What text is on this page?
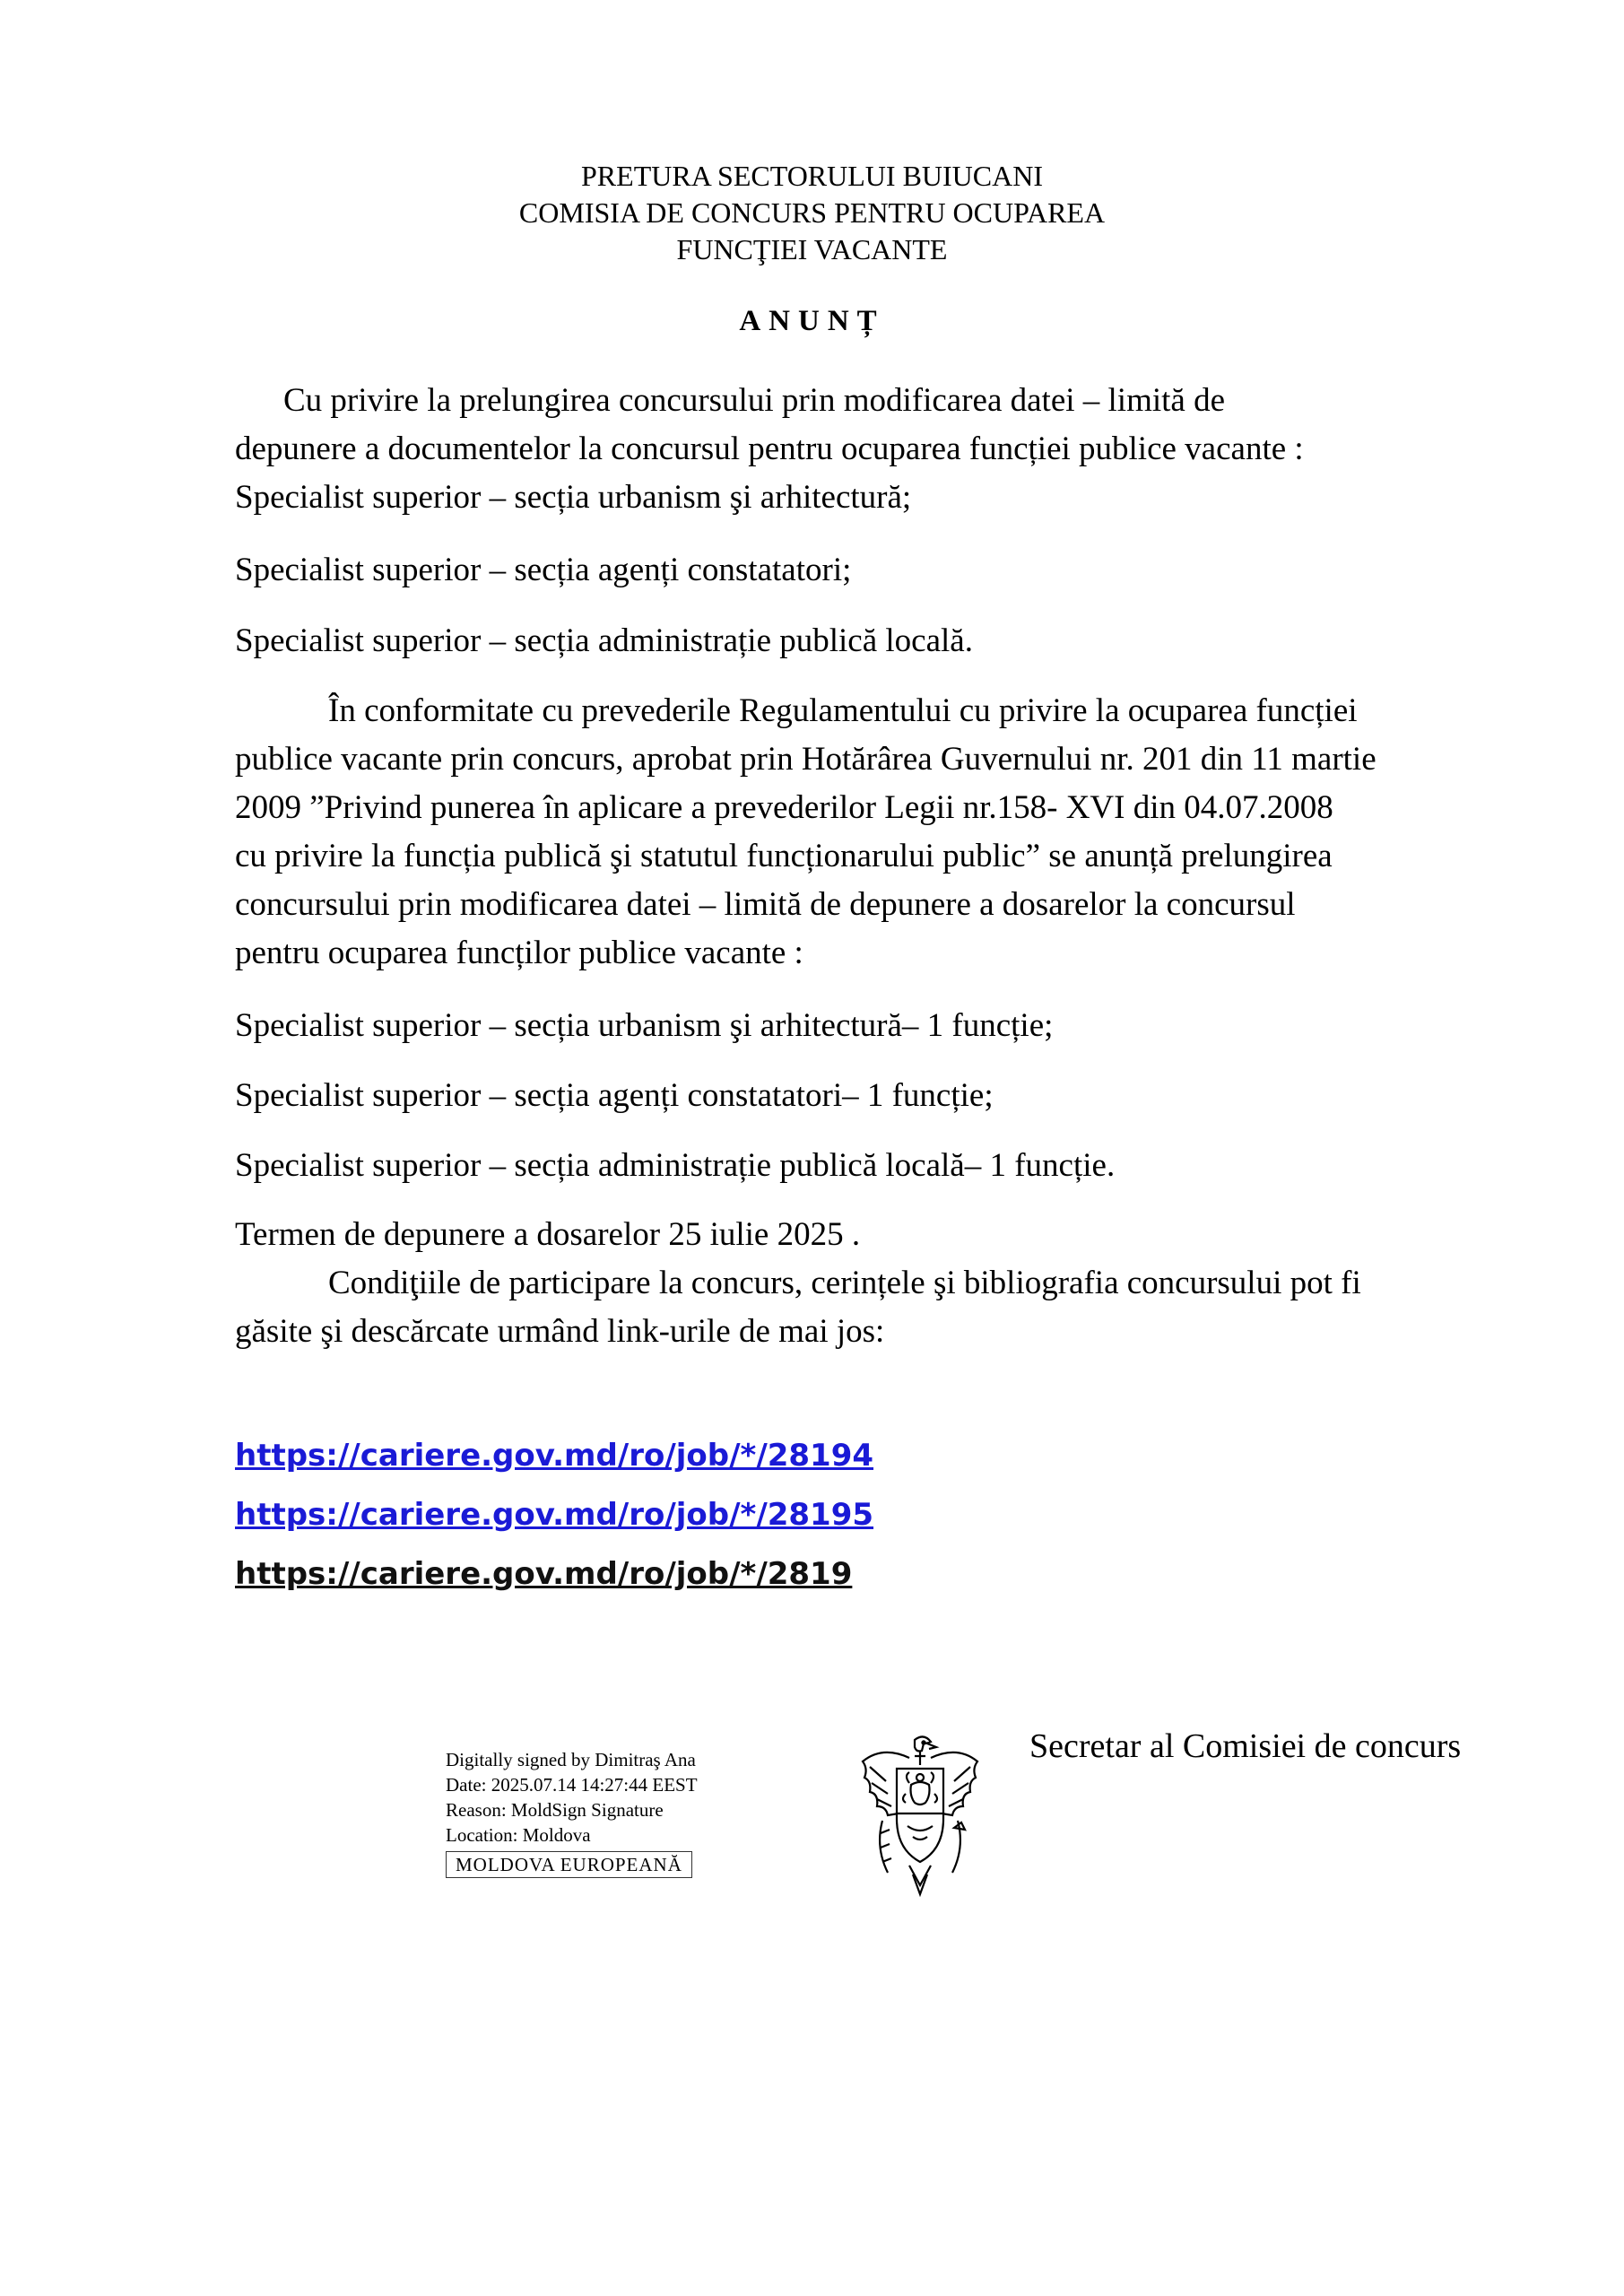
PRETURA SECTORULUI BUIUCANI
COMISIA DE CONCURS PENTRU OCUPAREA
FUNCŢIEI VACANTE
ANUNȚ
Cu privire la prelungirea concursului prin modificarea datei – limită de
depunere a documentelor la concursul pentru ocuparea funcției publice vacante :
Specialist superior – secția urbanism şi arhitectură;
Specialist superior – secția agenți constatatori;
Specialist superior – secția administrație publică locală.
În conformitate cu prevederile Regulamentului cu privire la ocuparea funcției
publice vacante prin concurs, aprobat prin Hotărârea Guvernului nr. 201 din 11 martie
2009 ”Privind punerea în aplicare a prevederilor Legii nr.158- XVI din 04.07.2008
cu privire la funcția publică şi statutul funcționarului public” se anunță prelungirea
concursului prin modificarea datei – limită de depunere a dosarelor la concursul
pentru ocuparea funcților publice vacante :
Specialist superior – secția urbanism şi arhitectură– 1 funcție;
Specialist superior – secția agenți constatatori– 1 funcție;
Specialist superior – secția administrație publică locală– 1 funcție.
Termen de depunere a dosarelor 25 iulie 2025 .
Condiţiile de participare la concurs, cerințele şi bibliografia concursului pot fi
găsite şi descărcate urmând link-urile de mai jos:
https://cariere.gov.md/ro/job/*/28194
https://cariere.gov.md/ro/job/*/28195
https://cariere.gov.md/ro/job/*/2819
Digitally signed by Dimitraş Ana
Date: 2025.07.14 14:27:44 EEST
Reason: MoldSign Signature
Location: Moldova
MOLDOVA EUROPEANĂ
Secretar al Comisiei de concurs
